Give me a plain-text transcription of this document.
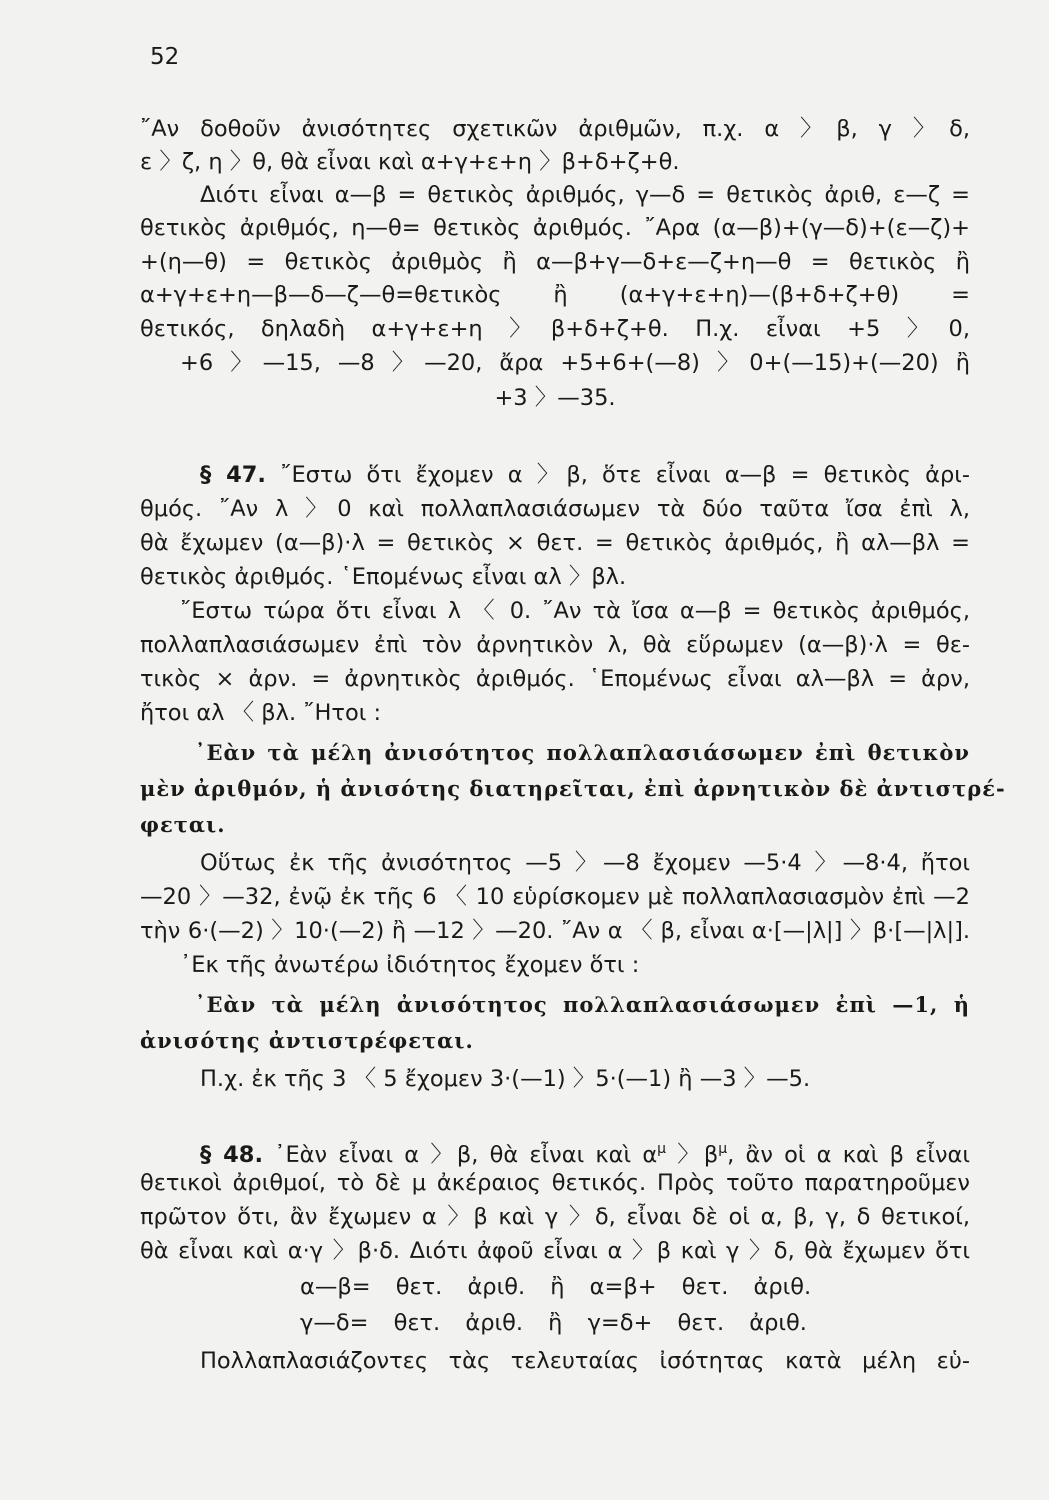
52
῎Αν δοθοῦν ἀνισότητες σχετικῶν ἀριθμῶν, π.χ. α 〉β, γ 〉δ,
ε 〉ζ, η 〉θ, θὰ εἶναι καὶ α+γ+ε+η 〉β+δ+ζ+θ.
Διότι εἶναι α—β = θετικὸς ἀριθμός, γ—δ = θετικὸς ἀριθ, ε—ζ =
θετικὸς ἀριθμός, η—θ= θετικὸς ἀριθμός. ῎Αρα (α—β)+(γ—δ)+(ε—ζ)+
+(η—θ) = θετικὸς ἀριθμὸς ἢ α—β+γ—δ+ε—ζ+η—θ = θετικὸς ἢ
α+γ+ε+η—β—δ—ζ—θ=θετικὸς ἢ (α+γ+ε+η)—(β+δ+ζ+θ) =
θετικός, δηλαδὴ α+γ+ε+η 〉β+δ+ζ+θ. Π.χ. εἶναι +5 〉0,
+6 〉—15, —8 〉—20, ἄρα +5+6+(—8) 〉0+(—15)+(—20) ἢ
+3 〉—35.
§ 47. ῎Εστω ὅτι ἔχομεν α 〉β, ὅτε εἶναι α—β = θετικὸς ἀρι-
θμός. ῎Αν λ 〉0 καὶ πολλαπλασιάσωμεν τὰ δύο ταῦτα ἴσα ἐπὶ λ,
θὰ ἔχωμεν (α—β)·λ = θετικὸς × θετ. = θετικὸς ἀριθμός, ἢ αλ—βλ =
θετικὸς ἀριθμός. ῾Επομένως εἶναι αλ 〉βλ.
῎Εστω τώρα ὅτι εἶναι λ 〈 0. ῎Αν τὰ ἴσα α—β = θετικὸς ἀριθμός,
πολλαπλασιάσωμεν ἐπὶ τὸν ἀρνητικὸν λ, θὰ εὕρωμεν (α—β)·λ = θε-
τικὸς × ἀρν. = ἀρνητικὸς ἀριθμός. ῾Επομένως εἶναι αλ—βλ = ἀρν,
ἤτοι αλ 〈 βλ. ῎Ητοι :
᾿Εὰν τὰ μέλη ἀνισότητος πολλαπλασιάσωμεν ἐπὶ θετικὸν
μὲν ἀριθμόν, ἡ ἀνισότης διατηρεῖται, ἐπὶ ἀρνητικὸν δὲ ἀντιστρέ-
φεται.
Οὕτως ἐκ τῆς ἀνισότητος —5 〉—8 ἔχομεν —5·4 〉—8·4, ἤτοι
—20 〉—32, ἐνῷ ἐκ τῆς 6 〈 10 εὑρίσκομεν μὲ πολλαπλασιασμὸν ἐπὶ —2
τὴν 6·(—2) 〉10·(—2) ἢ —12 〉—20. ῎Αν α 〈 β, εἶναι α·[—|λ|] 〉β·[—|λ|].
᾿Εκ τῆς ἀνωτέρω ἰδιότητος ἔχομεν ὅτι :
᾿Εὰν τὰ μέλη ἀνισότητος πολλαπλασιάσωμεν ἐπὶ —1, ἡ
ἀνισότης ἀντιστρέφεται.
Π.χ. ἐκ τῆς 3 〈 5 ἔχομεν 3·(—1) 〉5·(—1) ἢ —3 〉—5.
§ 48. ᾿Εὰν εἶναι α 〉β, θὰ εἶναι καὶ $\alpha^\mu$ 〉$\beta^\mu$, ἂν οἱ α καὶ β εἶναι
θετικοὶ ἀριθμοί, τὸ δὲ μ ἀκέραιος θετικός. Πρὸς τοῦτο παρατηροῦμεν
πρῶτον ὅτι, ἂν ἔχωμεν α 〉β καὶ γ 〉δ, εἶναι δὲ οἱ α, β, γ, δ θετικοί,
θὰ εἶναι καὶ α·γ 〉β·δ. Διότι ἀφοῦ εἶναι α 〉β καὶ γ 〉δ, θὰ ἔχωμεν ὅτι
α—β= θετ. ἀριθ. ἢ α=β+ θετ. ἀριθ.
γ—δ= θετ. ἀριθ. ἢ γ=δ+ θετ. ἀριθ.
Πολλαπλασιάζοντες τὰς τελευταίας ἰσότητας κατὰ μέλη εὑ-
